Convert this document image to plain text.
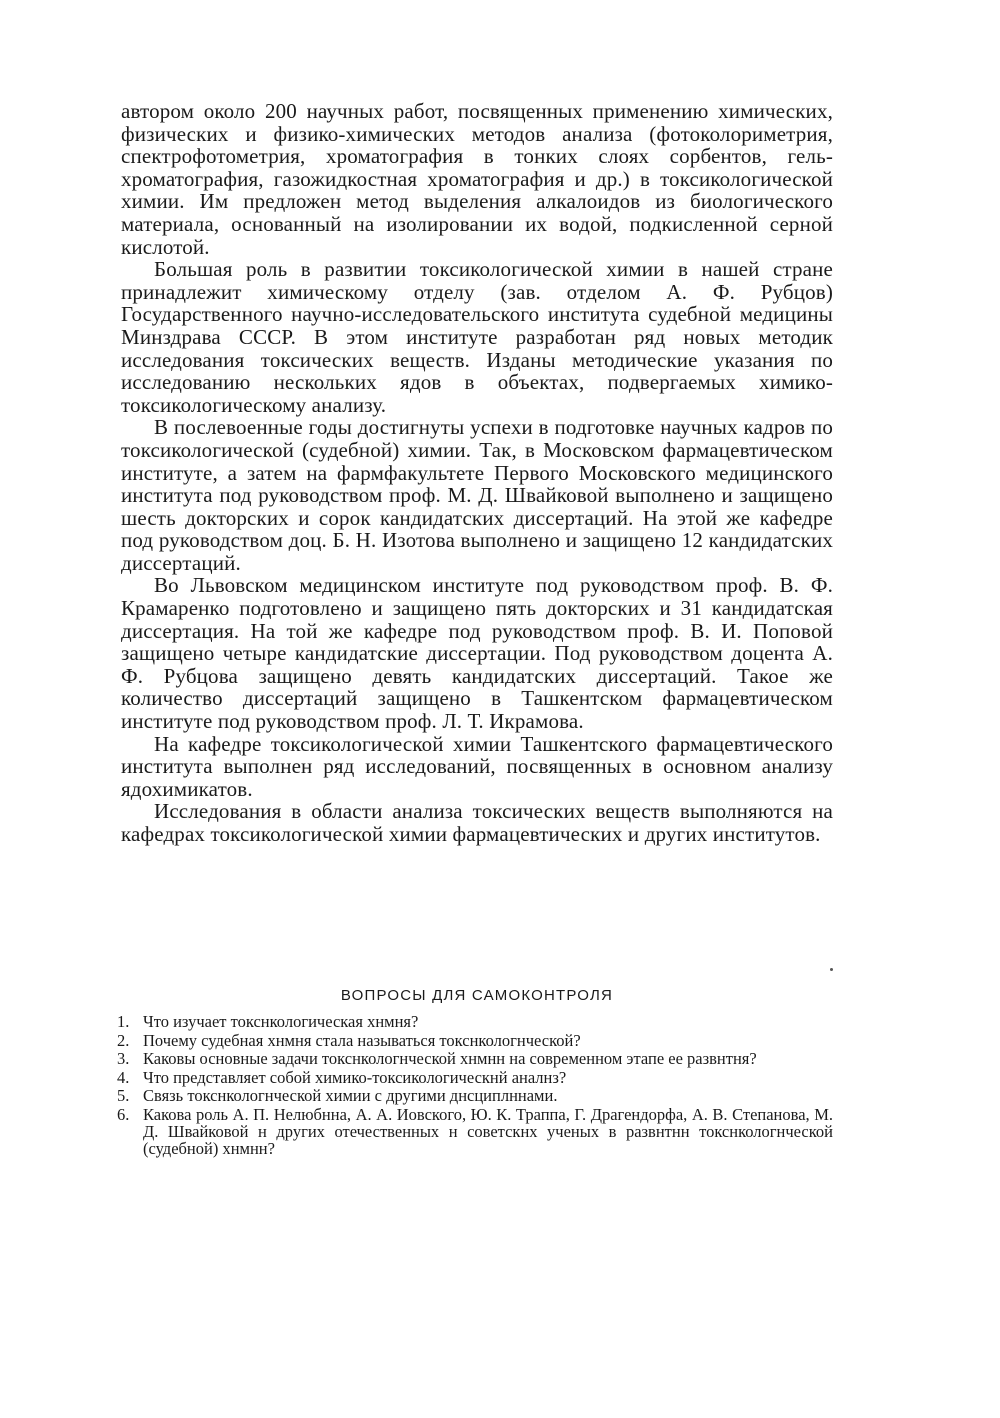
автором около 200 научных работ, посвященных применению химических, физических и физико-химических методов анализа (фотоколориметрия, спектрофотометрия, хроматография в тонких слоях сорбентов, гель-хроматография, газожидкостная хроматография и др.) в токсикологической химии. Им предложен метод выделения алкалоидов из биологического материала, основанный на изолировании их водой, подкисленной серной кислотой.

Большая роль в развитии токсикологической химии в нашей стране принадлежит химическому отделу (зав. отделом А. Ф. Рубцов) Государственного научно-исследовательского института судебной медицины Минздрава СССР. В этом институте разработан ряд новых методик исследования токсических веществ. Изданы методические указания по исследованию нескольких ядов в объектах, подвергаемых химико-токсикологическому анализу.

В послевоенные годы достигнуты успехи в подготовке научных кадров по токсикологической (судебной) химии. Так, в Московском фармацевтическом институте, а затем на фармфакультете Первого Московского медицинского института под руководством проф. М. Д. Швайковой выполнено и защищено шесть докторских и сорок кандидатских диссертаций. На этой же кафедре под руководством доц. Б. Н. Изотова выполнено и защищено 12 кандидатских диссертаций.

Во Львовском медицинском институте под руководством проф. В. Ф. Крамаренко подготовлено и защищено пять докторских и 31 кандидатская диссертация. На той же кафедре под руководством проф. В. И. Поповой защищено четыре кандидатские диссертации. Под руководством доцента А. Ф. Рубцова защищено девять кандидатских диссертаций. Такое же количество диссертаций защищено в Ташкентском фармацевтическом институте под руководством проф. Л. Т. Икрамова.

На кафедре токсикологической химии Ташкентского фармацевтического института выполнен ряд исследований, посвященных в основном анализу ядохимикатов.

Исследования в области анализа токсических веществ выполняются на кафедрах токсикологической химии фармацевтических и других институтов.

ВОПРОСЫ ДЛЯ САМОКОНТРОЛЯ
1. Что изучает токснкологическая хнмня?
2. Почему судебная хнмня стала называться токснкологнческой?
3. Каковы основные задачи токснкологнческой хнмнн на современном этапе ее развнтня?
4. Что представляет собой химико-токсикологическнй аналнз?
5. Связь токснкологнческой химии с другими днсциплннами.
6. Какова роль А. П. Нелюбнна, А. А. Иовского, Ю. К. Траппа, Г. Драгендорфа, А. В. Степанова, М. Д. Швайковой н других отечественных н советскнх ученых в развнтнн токснкологнческой (судебной) хнмнн?
